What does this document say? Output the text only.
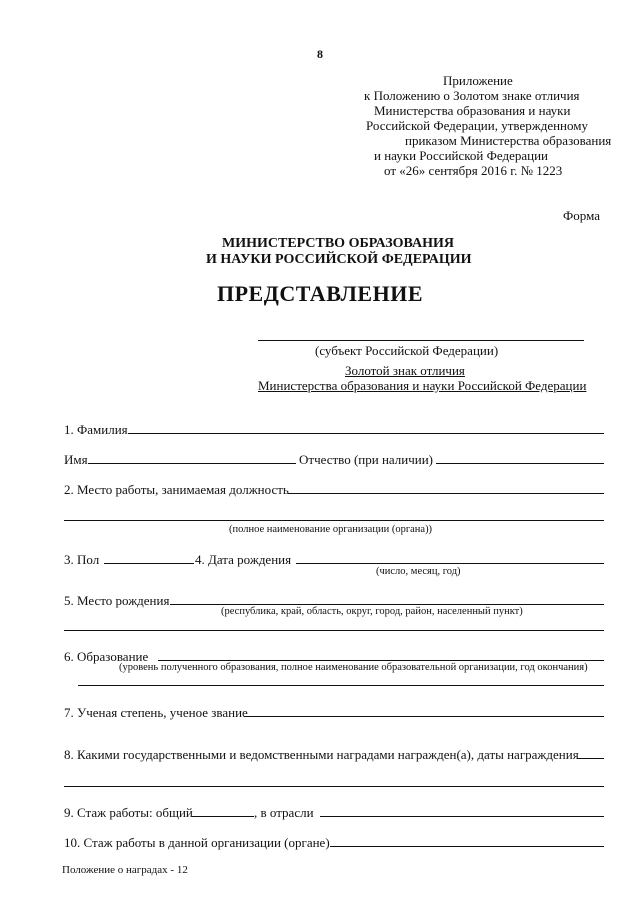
8
Приложение
к Положению о Золотом знаке отличия
Министерства образования и науки
Российской Федерации, утвержденному
приказом Министерства образования
и науки Российской Федерации
от «26» сентября 2016 г. № 1223
Форма
МИНИСТЕРСТВО ОБРАЗОВАНИЯ
И НАУКИ РОССИЙСКОЙ ФЕДЕРАЦИИ
ПРЕДСТАВЛЕНИЕ
(субъект Российской Федерации)
Золотой знак отличия
Министерства образования и науки Российской Федерации
1. Фамилия
Имя	Отчество (при наличии)
2. Место работы, занимаемая должность
(полное наименование организации (органа))
3. Пол	4. Дата рождения
(число, месяц, год)
5. Место рождения
(республика, край, область, округ, город, район, населенный пункт)
6. Образование
(уровень полученного образования, полное наименование образовательной организации, год окончания)
7. Ученая степень, ученое звание
8. Какими государственными и ведомственными наградами награжден(а), даты награждения
9. Стаж работы: общий	, в отрасли
10. Стаж работы в данной организации (органе)
Положение о наградах - 12
